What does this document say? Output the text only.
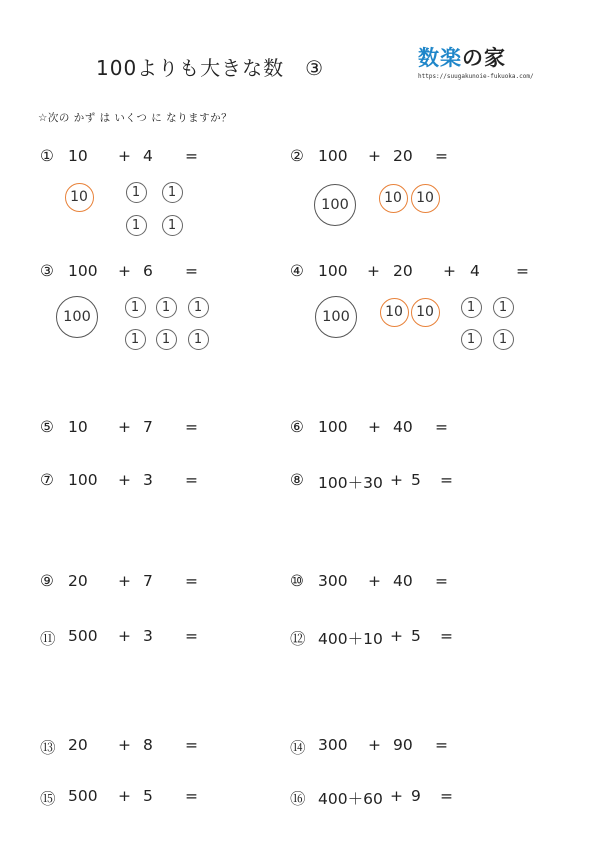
100よりも大きな数　③	数楽の家
https://suugakunoie-fukuoka.com/
☆次の かず は いくつ に なりますか？
① 10 + 4 =	② 100 + 20 =
③ 100 + 6 =	④ 100 + 20 + 4 =
⑤ 10 + 7 =	⑥ 100 + 40 =
⑦ 100 + 3 =	⑧ 100＋30 + 5 =
⑨ 20 + 7 =	⑩ 300 + 40 =
⑪ 500 + 3 =	⑫ 400＋10 + 5 =
⑬ 20 + 8 =	⑭ 300 + 90 =
⑮ 500 + 5 =	⑯ 400＋60 + 9 =
10	1	1
1	1
100	10	10
100
1	1	1
1	1	1
100	10 10	1	1
1	1
